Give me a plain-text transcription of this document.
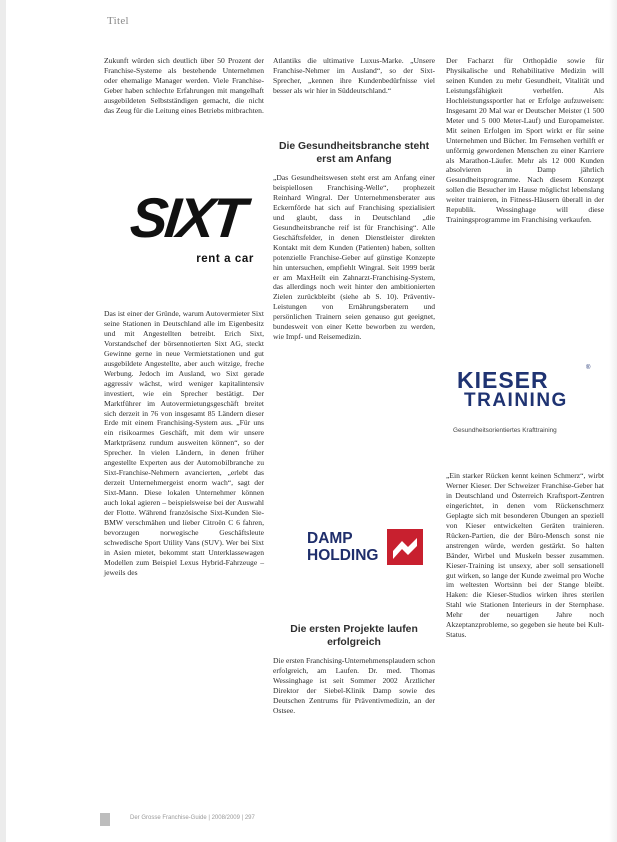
Titel

Zukunft würden sich deutlich über 50 Prozent der Franchise-Systeme als bestehende Unternehmen oder ehemalige Manager werden. Viele Franchise-Geber haben schlechte Erfahrungen mit mangelhaft ausgebildeten Selbstständigen gemacht, die nicht das Zeug für die Leitung eines Betriebs mitbrachten.

SIXT
rent a car

Das ist einer der Gründe, warum Autovermieter Sixt seine Stationen in Deutschland alle im Eigenbesitz und mit Angestellten betreibt. Erich Sixt, Vorstandschef der börsennotierten Sixt AG, steckt Gewinne gerne in neue Vermietstationen und gut ausgebildete Angestellte, aber auch witzige, freche Werbung. Jedoch im Ausland, wo Sixt gerade aggressiv wächst, wird weniger kapitalintensiv investiert, wie ein Sprecher bestätigt. Der Marktführer im Autovermietungsgeschäft breitet sich derzeit in 76 von insgesamt 85 Ländern dieser Erde mit einem Franchising-System aus. „Für uns ein risikoarmes Geschäft, mit dem wir unsere Marktpräsenz rundum ausweiten können“, so der Sprecher. In vielen Ländern, in denen früher angestellte Experten aus der Automobilbranche zu Sixt-Franchise-Nehmern avancierten, „erlebt das derzeit Unternehmergeist enorm wach“, sagt der Sixt-Mann. Diese lokalen Unternehmer können auch lokal agieren – beispielsweise bei der Auswahl der Flotte. Während französische Sixt-Kunden Sie-BMW verschmähen und lieber Citroën C 6 fahren, bevorzugen norwegische Geschäftsleute schwedische Sport Utility Vans (SUV). Wer bei Sixt in Asien mietet, bekommt statt Unterklassewagen Modellen zum Beispiel Lexus Hybrid-Fahrzeuge – jeweils des

Atlantiks die ultimative Luxus-Marke. „Unsere Franchise-Nehmer im Ausland“, so der Sixt-Sprecher, „kennen ihre Kundenbedürfnisse viel besser als wir hier in Süddeutschland.“

Die Gesundheitsbranche steht erst am Anfang

„Das Gesundheitswesen steht erst am Anfang einer beispiellosen Franchising-Welle“, prophezeit Reinhard Wingral. Der Unternehmensberater aus Eckernförde hat sich auf Franchising spezialisiert und glaubt, dass in Deutschland „die Gesundheitsbranche reif ist für Franchising“. Alle Geschäftsfelder, in denen Dienstleister direkten Kontakt mit dem Kunden (Patienten) haben, sollten potenzielle Franchise-Geber auf günstige Konzepte hin untersuchen, empfiehlt Wingral. Seit 1999 berät er am MaxHeilt ein Zahnarzt-Franchising-System, das allerdings noch weit hinter den ambitionierten Zielen zurückbleibt (siehe ab S. 10). Präventiv-Leistungen von Ernährungsberatern und persönlichen Trainern seien genauso gut geeignet, bundesweit von einer Kette beworben zu werden, wie Impf- und Reisemedizin.

DAMP
HOLDING
Die ersten Projekte laufen erfolgreich

Die ersten Franchising-Unternehmensplaudern schon erfolgreich, am Laufen. Dr. med. Thomas Wessinghage ist seit Sommer 2002 Ärztlicher Direktor der Siebel-Klinik Damp sowie des Deutschen Zentrums für Präventivmedizin, an der Ostsee.

Der Facharzt für Orthopädie sowie für Physikalische und Rehabilitative Medizin will seinen Kunden zu mehr Gesundheit, Vitalität und Leistungsfähigkeit verhelfen. Als Hochleistungssportler hat er Erfolge aufzuweisen: Insgesamt 20 Mal war er Deutscher Meister (1 500 Meter und 5 000 Meter-Lauf) und Europameister. Mit seinen Erfolgen im Sport wirkt er für seine Unternehmen und Bücher. Im Fernsehen verhilft er unförmig gewordenen Menschen zu einer Karriere als Marathon-Läufer. Mehr als 12 000 Kunden absolvieren in Damp jährlich Gesundheitsprogramme. Nach diesem Konzept sollen die Besucher im Hause möglichst lebenslang weiter trainieren, in Fitness-Häusern überall in der Republik. Wessinghage will diese Trainingsprogramme im Franchising verkaufen.

KIESER	®
TRAINING
Gesundheitsorientiertes Krafttraining

„Ein starker Rücken kennt keinen Schmerz“, wirbt Werner Kieser. Der Schweizer Franchise-Geber hat in Deutschland und Österreich Kraftsport-Zentren eingerichtet, in denen vom Rückenschmerz Geplagte sich mit besonderen Übungen an speziell von Kieser entwickelten Geräten trainieren. Rücken-Partien, die der Büro-Mensch sonst nie anstrengen würde, werden gestärkt. So halten Bänder, Wirbel und Muskeln besser zusammen. Kieser-Training ist unsexy, aber soll sensationell gut wirken, so lange der Kunde zweimal pro Woche im weltesten Wortsinn bei der Stange bleibt. Haken: die Kieser-Studios wirken ihres sterilen Stahl wie Stationen Interieurs in der Sternphase. Mehr der neuartigen Jahre noch Akzeptanzprobleme, so gegeben sie heute bei Kult-Status.

Der Grosse Franchise-Guide | 2008/2009 | 297
